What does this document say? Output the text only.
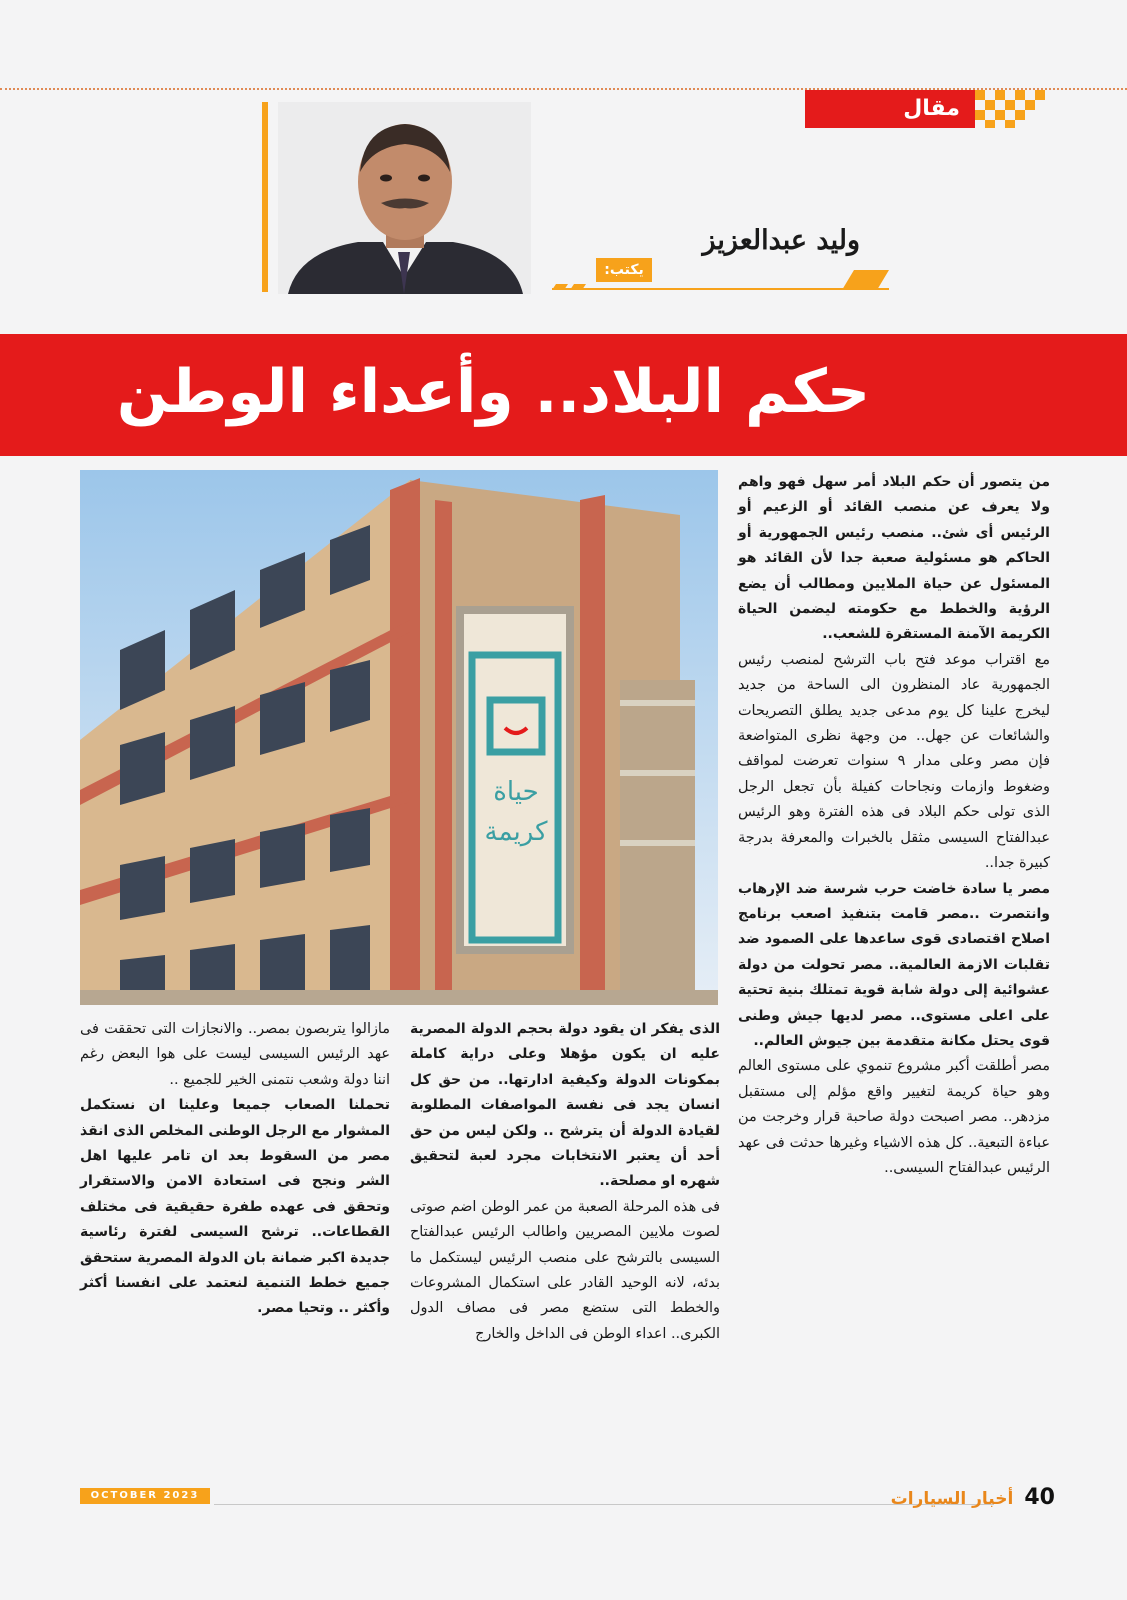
مقال
وليد عبدالعزيز
يكتب:
حكم البلاد.. وأعداء الوطن
حياة
كريمة

من يتصور أن حكم البلاد أمر سهل فهو واهم ولا يعرف عن منصب القائد أو الزعيم أو الرئيس أى شئ.. منصب رئيس الجمهورية أو الحاكم هو مسئولية صعبة جدا لأن القائد هو المسئول عن حياة الملايين ومطالب أن يضع الرؤية والخطط مع حكومته ليضمن الحياة الكريمة الآمنة المستقرة للشعب..

مع اقتراب موعد فتح باب الترشح لمنصب رئيس الجمهورية عاد المنظرون الى الساحة من جديد ليخرج علينا كل يوم مدعى جديد يطلق التصريحات والشائعات عن جهل.. من وجهة نظرى المتواضعة فإن مصر وعلى مدار ٩ سنوات تعرضت لمواقف وضغوط وازمات ونجاحات كفيلة بأن تجعل الرجل الذى تولى حكم البلاد فى هذه الفترة وهو الرئيس عبدالفتاح السيسى مثقل بالخبرات والمعرفة بدرجة كبيرة جدا..

مصر يا سادة خاضت حرب شرسة ضد الإرهاب وانتصرت ..مصر قامت بتنفيذ اصعب برنامج اصلاح اقتصادى قوى ساعدها على الصمود ضد تقلبات الازمة العالمية.. مصر تحولت من دولة عشوائية إلى دولة شابة قوية تمتلك بنية تحتية على اعلى مستوى.. مصر لديها جيش وطنى قوى يحتل مكانة متقدمة بين جيوش العالم..

مصر أطلقت أكبر مشروع تنموي على مستوى العالم وهو حياة كريمة لتغيير واقع مؤلم إلى مستقبل مزدهر.. مصر اصبحت دولة صاحبة قرار وخرجت من عباءة التبعية.. كل هذه الاشياء وغيرها حدثت فى عهد الرئيس عبدالفتاح السيسى..

الذى يفكر ان يقود دولة بحجم الدولة المصرية عليه ان يكون مؤهلا وعلى دراية كاملة بمكونات الدولة وكيفية ادارتها.. من حق كل انسان يجد فى نفسة المواصفات المطلوبة لقيادة الدولة أن يترشح .. ولكن ليس من حق أحد أن يعتبر الانتخابات مجرد لعبة لتحقيق شهره او مصلحة..

فى هذه المرحلة الصعبة من عمر الوطن اضم صوتى لصوت ملايين المصريين واطالب الرئيس عبدالفتاح السيسى بالترشح على منصب الرئيس ليستكمل ما بدئه، لانه الوحيد القادر على استكمال المشروعات والخطط التى ستضع مصر فى مصاف الدول الكبرى.. اعداء الوطن فى الداخل والخارج

مازالوا يتربصون بمصر.. والانجازات التى تحققت فى عهد الرئيس السيسى ليست على هوا البعض رغم اننا دولة وشعب نتمنى الخير للجميع ..

تحملنا الصعاب جميعا وعلينا ان نستكمل المشوار مع الرجل الوطنى المخلص الذى انقذ مصر من السقوط بعد ان تامر عليها اهل الشر ونجح فى استعادة الامن والاستقرار وتحقق فى عهده طفرة حقيقية فى مختلف القطاعات.. ترشح السيسى لفترة رئاسية جديدة اكبر ضمانة بان الدولة المصرية ستحقق جميع خطط التنمية لنعتمد على انفسنا أكثر وأكثر .. وتحيا مصر.

OCTOBER 2023	40 أخبار السيارات
